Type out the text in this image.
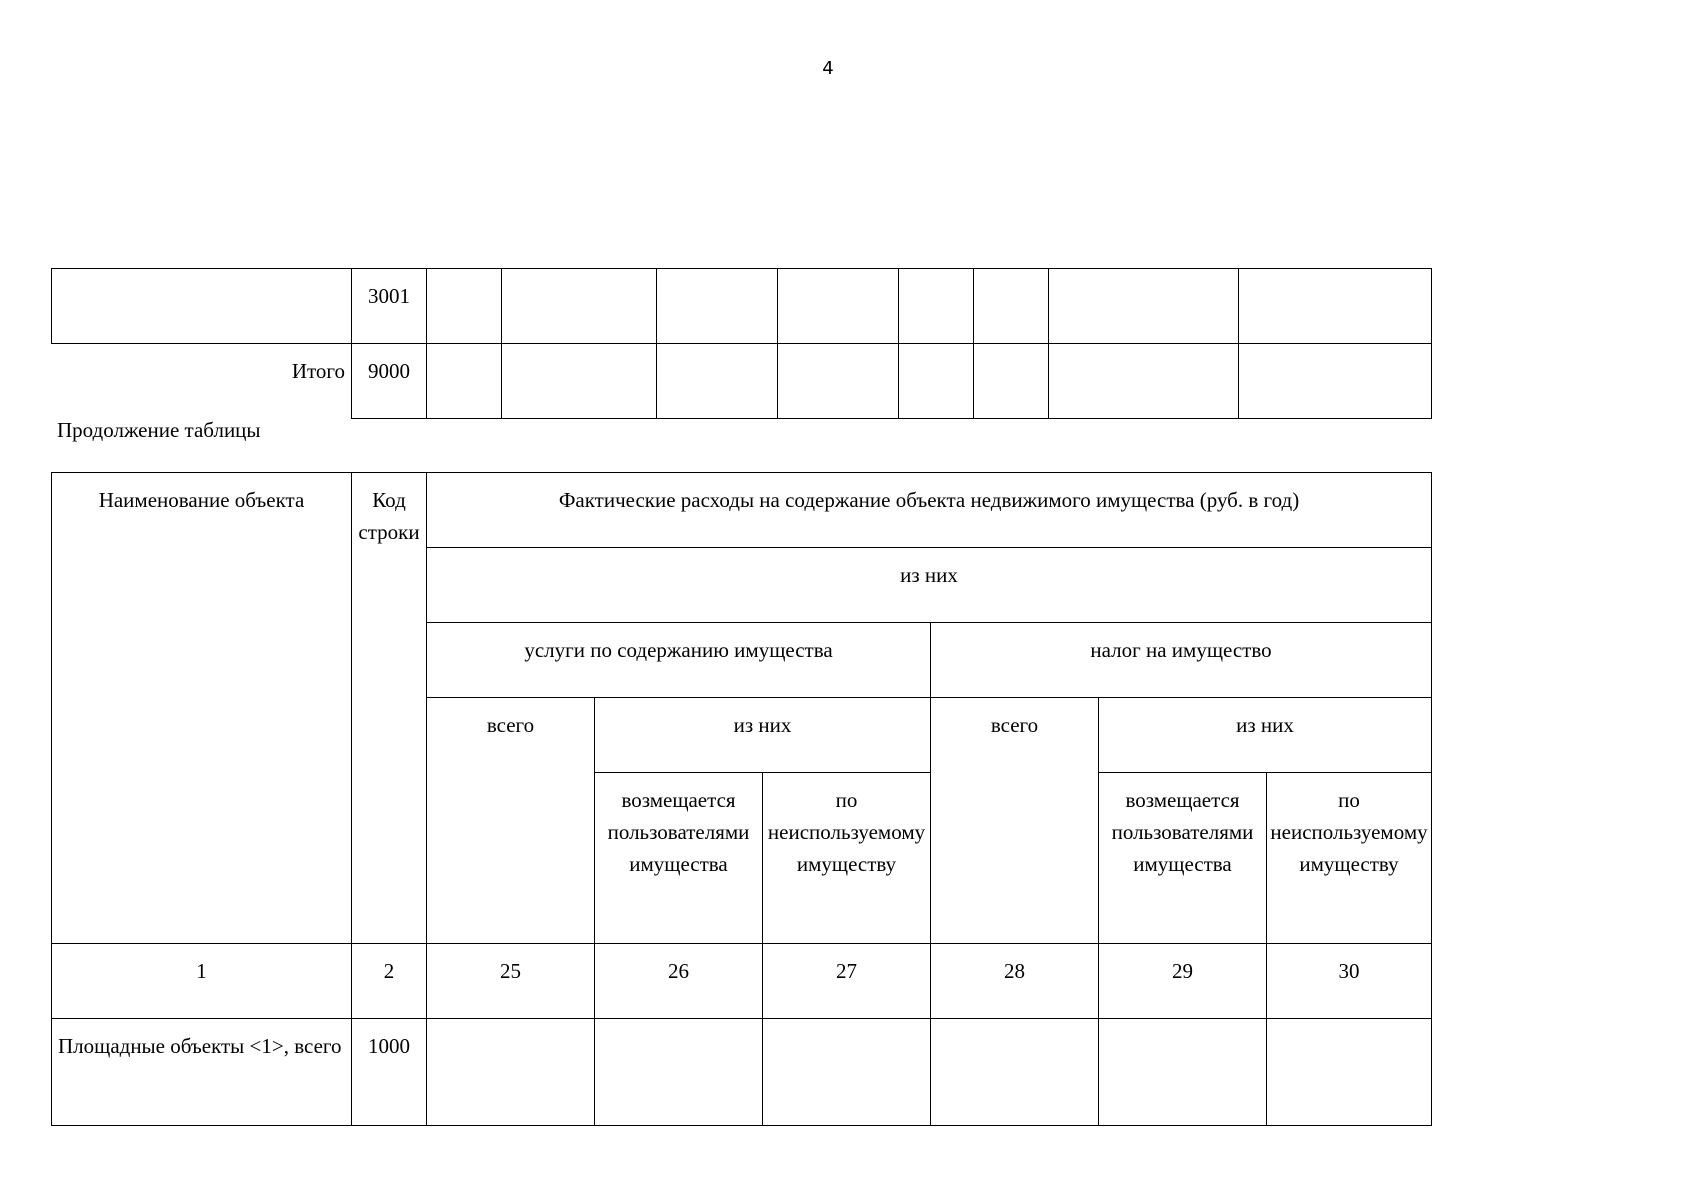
4

	3001								

Итого	9000								

Продолжение таблицы
Наименование объекта	Код строки	Фактические расходы на содержание объекта недвижимого имущества (руб. в год)					

		из них					

		услуги по содержанию имущества			налог на имущество		

		всего	из них		всего	из них	

			возмещается пользователями имущества	по неиспользуемому имуществу		возмещается пользователями имущества	по неиспользуемому имуществу

1	2	25	26	27	28	29	30

Площадные объекты <1>, всего	1000						
